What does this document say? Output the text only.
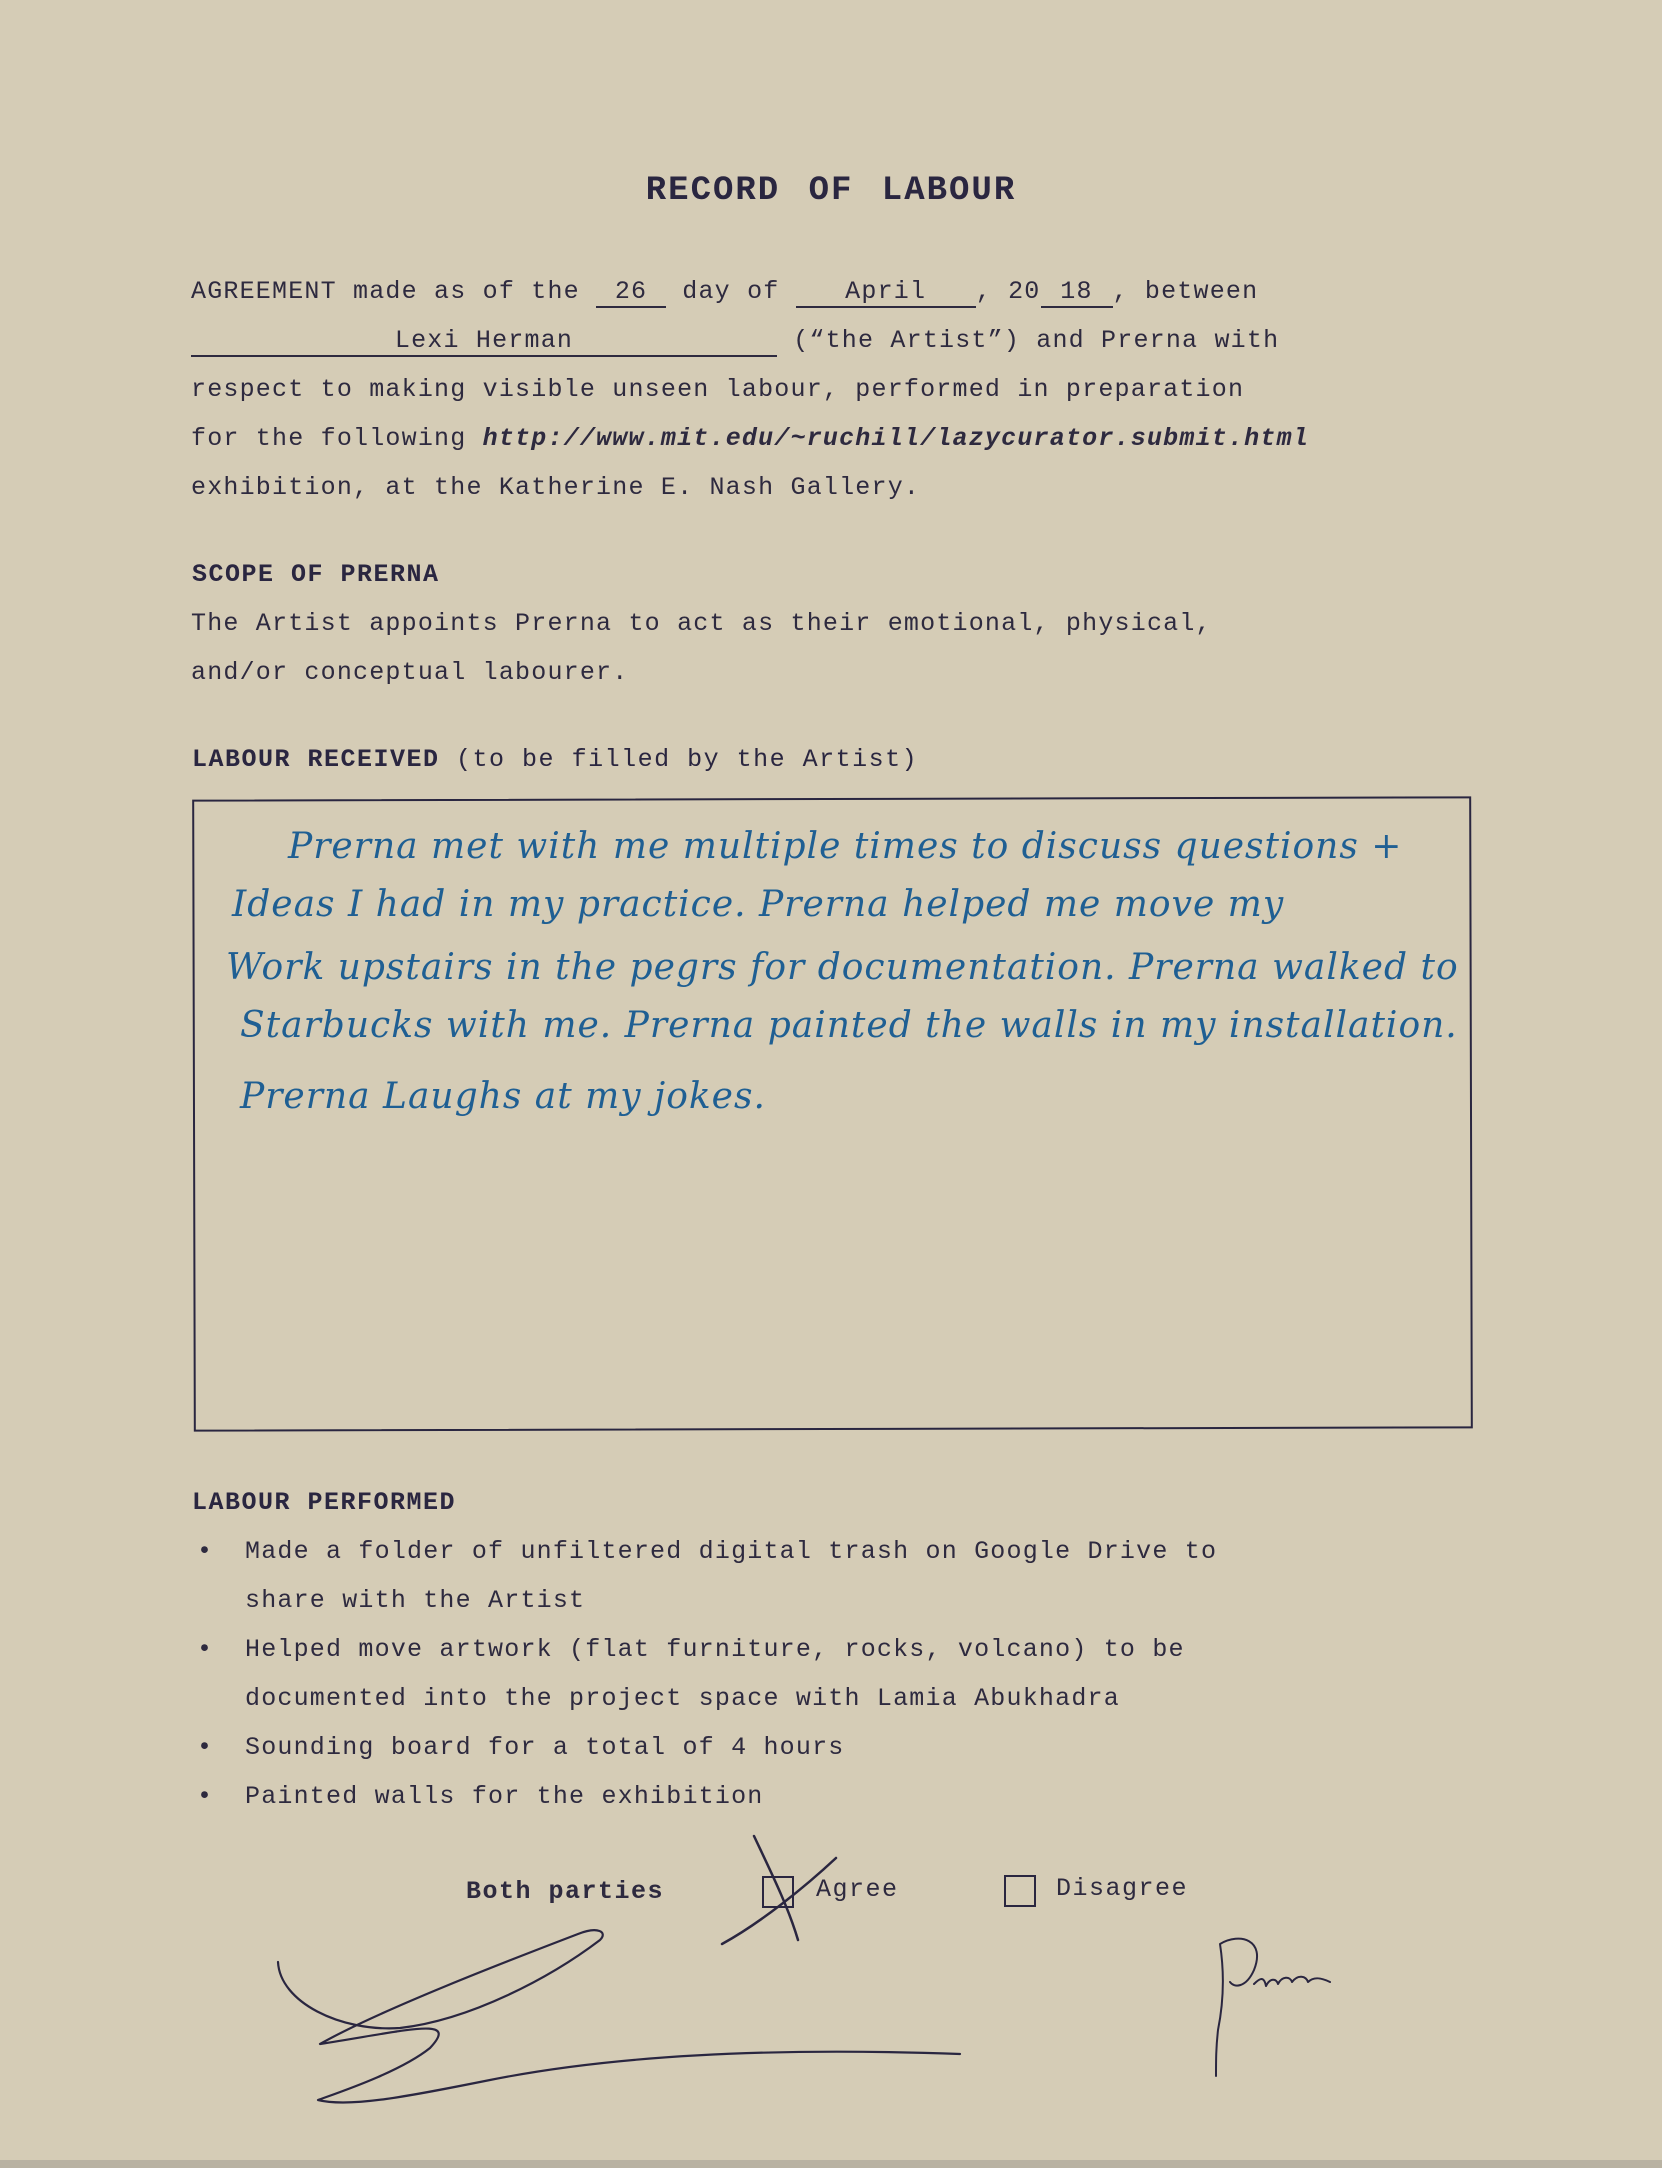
RECORD OF LABOUR
AGREEMENT made as of the 26 day of April , 20 18 , between
Lexi Herman	(“the Artist”) and Prerna with
respect to making visible unseen labour, performed in preparation
for the following http://www.mit.edu/~ruchill/lazycurator.submit.html
exhibition, at the Katherine E. Nash Gallery.
SCOPE OF PRERNA
The Artist appoints Prerna to act as their emotional, physical,
and/or conceptual labourer.
LABOUR RECEIVED (to be filled by the Artist)
Prerna met with me multiple times to discuss questions +
Ideas I had in my practice. Prerna helped me move my
Work upstairs in the pegrs for documentation. Prerna walked to
Starbucks with me. Prerna painted the walls in my installation.
Prerna Laughs at my jokes.
LABOUR PERFORMED

•

Made a folder of unfiltered digital trash on Google Drive to

share with the Artist

•

Helped move artwork (flat furniture, rocks, volcano) to be

documented into the project space with Lamia Abukhadra

•

Sounding board for a total of 4 hours

•

Painted walls for the exhibition

Both parties	Agree	Disagree
